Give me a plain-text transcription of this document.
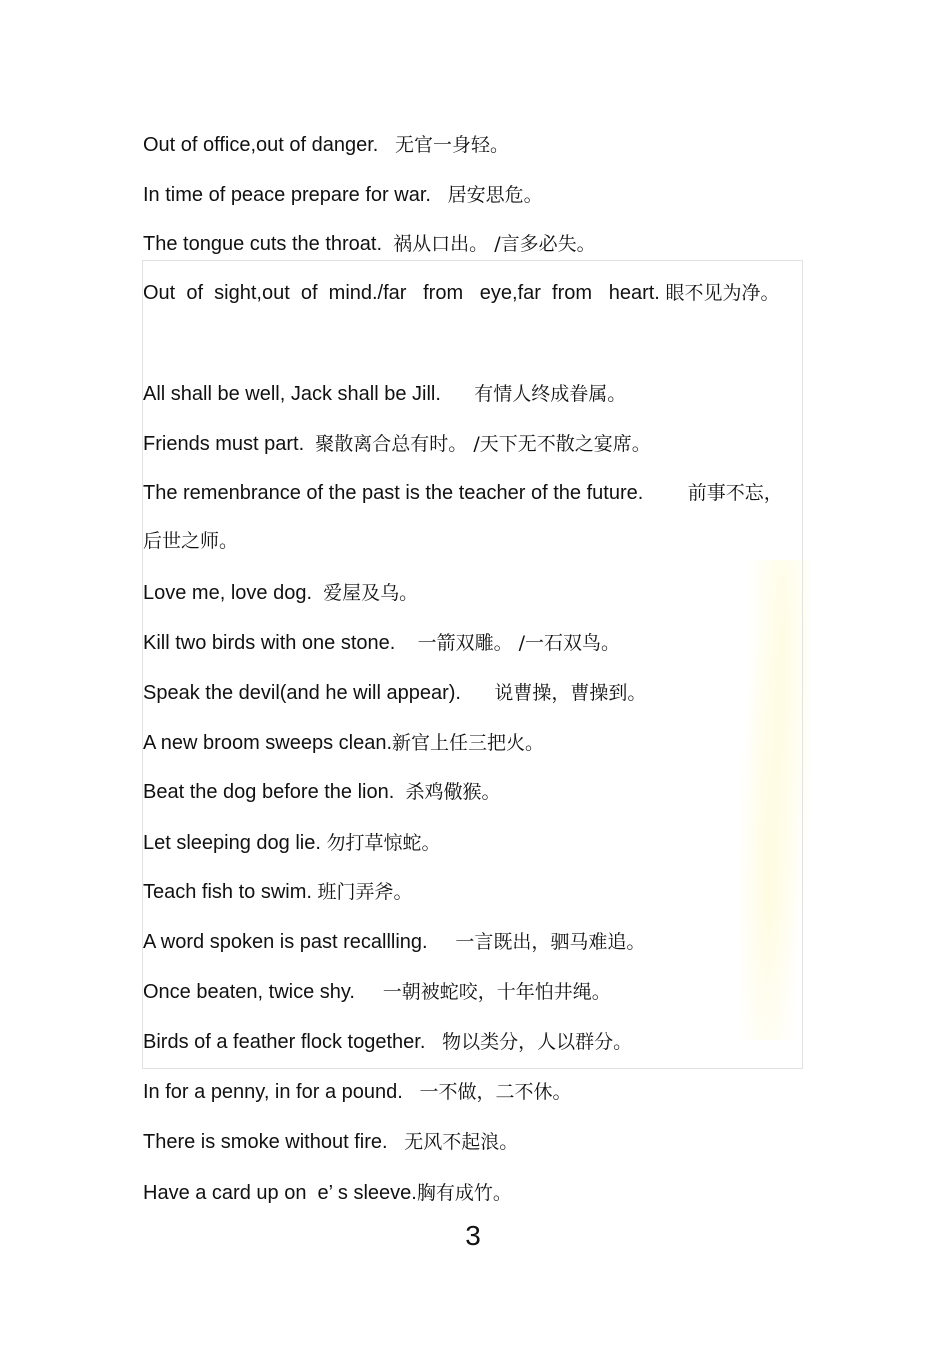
Out of office,out of danger. 无官一身轻。
In time of peace prepare for war. 居安思危。
The tongue cuts the throat. 祸从口出。 /言多必失。
Out  of  sight,out  of  mind./far   from   eye,far  from   heart. 眼不见为净。
All shall be well, Jack shall be Jill. 有情人终成眷属。
Friends must part. 聚散离合总有时。 /天下无不散之宴席。
The remenbrance of the past is the teacher of the future. 前事不忘，后世之师。
Love me, love dog. 爱屋及乌。
Kill two birds with one stone. 一箭双雕。 /一石双鸟。
Speak the devil(and he will appear). 说曹操，曹操到。
A new broom sweeps clean.新官上任三把火。
Beat the dog before the lion. 杀鸡儆猴。
Let sleeping dog lie. 勿打草惊蛇。
Teach fish to swim. 班门弄斧。
A word spoken is past recallling. 一言既出，驷马难追。
Once beaten, twice shy. 一朝被蛇咬，十年怕井绳。
Birds of a feather flock together. 物以类分，人以群分。
In for a penny, in for a pound. 一不做，二不休。
There is smoke without fire. 无风不起浪。
Have a card up on  e’ s sleeve.胸有成竹。
3
